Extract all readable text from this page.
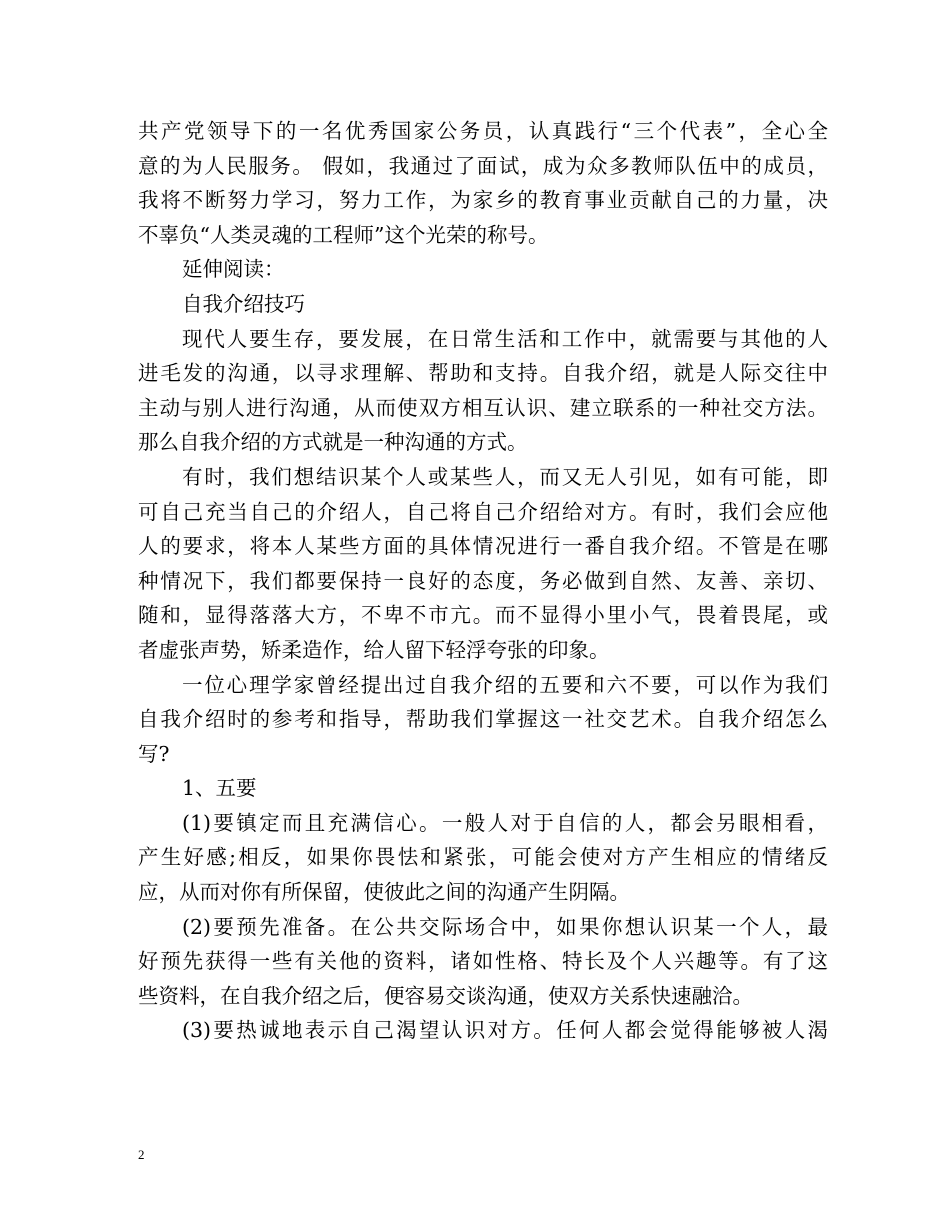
共产党领导下的一名优秀国家公务员，认真践行“三个代表”，全心全
意的为人民服务。 假如，我通过了面试，成为众多教师队伍中的成员，
我将不断努力学习，努力工作，为家乡的教育事业贡献自己的力量，决
不辜负“人类灵魂的工程师”这个光荣的称号。
延伸阅读：
自我介绍技巧
现代人要生存，要发展，在日常生活和工作中，就需要与其他的人
进毛发的沟通，以寻求理解、帮助和支持。自我介绍，就是人际交往中
主动与别人进行沟通，从而使双方相互认识、建立联系的一种社交方法。
那么自我介绍的方式就是一种沟通的方式。
有时，我们想结识某个人或某些人，而又无人引见，如有可能，即
可自己充当自己的介绍人，自己将自己介绍给对方。有时，我们会应他
人的要求，将本人某些方面的具体情况进行一番自我介绍。不管是在哪
种情况下，我们都要保持一良好的态度，务必做到自然、友善、亲切、
随和，显得落落大方，不卑不市亢。而不显得小里小气，畏着畏尾，或
者虚张声势，矫柔造作，给人留下轻浮夸张的印象。
一位心理学家曾经提出过自我介绍的五要和六不要，可以作为我们
自我介绍时的参考和指导，帮助我们掌握这一社交艺术。自我介绍怎么
写?
1、五要
(1)要镇定而且充满信心。一般人对于自信的人，都会另眼相看，
产生好感;相反，如果你畏怯和紧张，可能会使对方产生相应的情绪反
应，从而对你有所保留，使彼此之间的沟通产生阴隔。
(2)要预先准备。在公共交际场合中，如果你想认识某一个人，最
好预先获得一些有关他的资料，诸如性格、特长及个人兴趣等。有了这
些资料，在自我介绍之后，便容易交谈沟通，使双方关系快速融洽。
(3)要热诚地表示自己渴望认识对方。任何人都会觉得能够被人渴
2
